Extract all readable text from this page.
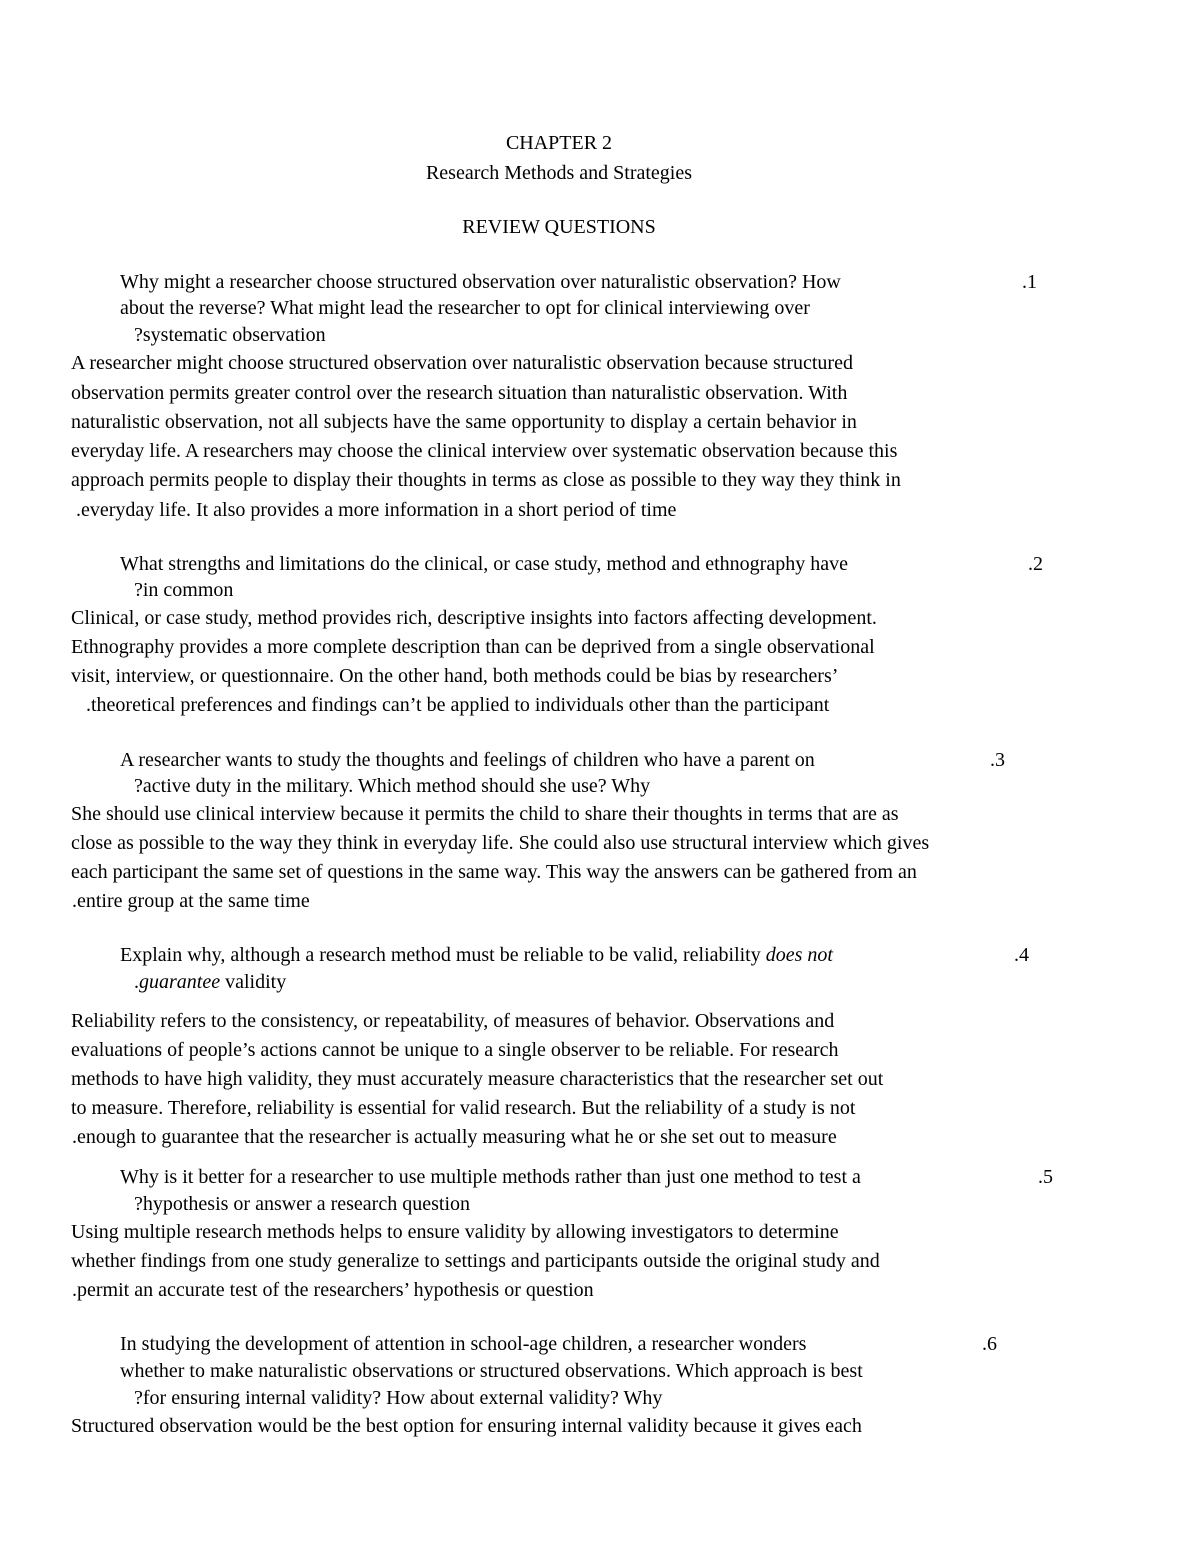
CHAPTER 2
Research Methods and Strategies
REVIEW QUESTIONS
.1
Why might a researcher choose structured observation over naturalistic observation? How
about the reverse? What might lead the researcher to opt for clinical interviewing over
?systematic observation
A researcher might choose structured observation over naturalistic observation because structured
observation permits greater control over the research situation than naturalistic observation. With
naturalistic observation, not all subjects have the same opportunity to display a certain behavior in
everyday life. A researchers may choose the clinical interview over systematic observation because this
approach permits people to display their thoughts in terms as close as possible to they way they think in
.everyday life. It also provides a more information in a short period of time
.2
What strengths and limitations do the clinical, or case study, method and ethnography have
?in common
Clinical, or case study, method provides rich, descriptive insights into factors affecting development.
Ethnography provides a more complete description than can be deprived from a single observational
visit, interview, or questionnaire. On the other hand, both methods could be bias by researchers’
.theoretical preferences and findings can’t be applied to individuals other than the participant
.3
A researcher wants to study the thoughts and feelings of children who have a parent on
?active duty in the military. Which method should she use? Why
She should use clinical interview because it permits the child to share their thoughts in terms that are as
close as possible to the way they think in everyday life. She could also use structural interview which gives
each participant the same set of questions in the same way. This way the answers can be gathered from an
.entire group at the same time
.4
Explain why, although a research method must be reliable to be valid, reliability does not
.guarantee validity
Reliability refers to the consistency, or repeatability, of measures of behavior. Observations and
evaluations of people’s actions cannot be unique to a single observer to be reliable. For research
methods to have high validity, they must accurately measure characteristics that the researcher set out
to measure. Therefore, reliability is essential for valid research. But the reliability of a study is not
.enough to guarantee that the researcher is actually measuring what he or she set out to measure
.5
Why is it better for a researcher to use multiple methods rather than just one method to test a
?hypothesis or answer a research question
Using multiple research methods helps to ensure validity by allowing investigators to determine
whether findings from one study generalize to settings and participants outside the original study and
.permit an accurate test of the researchers’ hypothesis or question
.6
In studying the development of attention in school-age children, a researcher wonders
whether to make naturalistic observations or structured observations. Which approach is best
?for ensuring internal validity? How about external validity? Why
Structured observation would be the best option for ensuring internal validity because it gives each
